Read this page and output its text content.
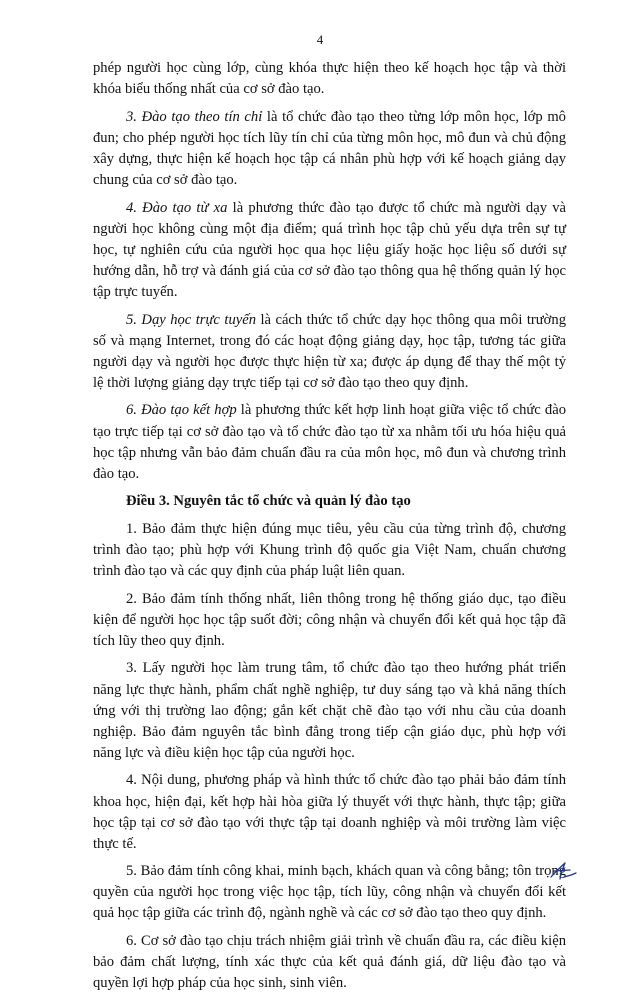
4

phép người học cùng lớp, cùng khóa thực hiện theo kế hoạch học tập và thời khóa biểu thống nhất của cơ sở đào tạo.

3. Đào tạo theo tín chỉ là tổ chức đào tạo theo từng lớp môn học, lớp mô đun; cho phép người học tích lũy tín chỉ của từng môn học, mô đun và chủ động xây dựng, thực hiện kế hoạch học tập cá nhân phù hợp với kế hoạch giảng dạy chung của cơ sở đào tạo.

4. Đào tạo từ xa là phương thức đào tạo được tổ chức mà người dạy và người học không cùng một địa điểm; quá trình học tập chủ yếu dựa trên sự tự học, tự nghiên cứu của người học qua học liệu giấy hoặc học liệu số dưới sự hướng dẫn, hỗ trợ và đánh giá của cơ sở đào tạo thông qua hệ thống quản lý học tập trực tuyến.

5. Dạy học trực tuyến là cách thức tổ chức dạy học thông qua môi trường số và mạng Internet, trong đó các hoạt động giảng dạy, học tập, tương tác giữa người dạy và người học được thực hiện từ xa; được áp dụng để thay thế một tỷ lệ thời lượng giảng dạy trực tiếp tại cơ sở đào tạo theo quy định.

6. Đào tạo kết hợp là phương thức kết hợp linh hoạt giữa việc tổ chức đào tạo trực tiếp tại cơ sở đào tạo và tổ chức đào tạo từ xa nhằm tối ưu hóa hiệu quả học tập nhưng vẫn bảo đảm chuẩn đầu ra của môn học, mô đun và chương trình đào tạo.

Điều 3. Nguyên tắc tổ chức và quản lý đào tạo

1. Bảo đảm thực hiện đúng mục tiêu, yêu cầu của từng trình độ, chương trình đào tạo; phù hợp với Khung trình độ quốc gia Việt Nam, chuẩn chương trình đào tạo và các quy định của pháp luật liên quan.

2. Bảo đảm tính thống nhất, liên thông trong hệ thống giáo dục, tạo điều kiện để người học học tập suốt đời; công nhận và chuyển đổi kết quả học tập đã tích lũy theo quy định.

3. Lấy người học làm trung tâm, tổ chức đào tạo theo hướng phát triển năng lực thực hành, phẩm chất nghề nghiệp, tư duy sáng tạo và khả năng thích ứng với thị trường lao động; gắn kết chặt chẽ đào tạo với nhu cầu của doanh nghiệp. Bảo đảm nguyên tắc bình đẳng trong tiếp cận giáo dục, phù hợp với năng lực và điều kiện học tập của người học.

4. Nội dung, phương pháp và hình thức tổ chức đào tạo phải bảo đảm tính khoa học, hiện đại, kết hợp hài hòa giữa lý thuyết với thực hành, thực tập; giữa học tập tại cơ sở đào tạo với thực tập tại doanh nghiệp và môi trường làm việc thực tế.

5. Bảo đảm tính công khai, minh bạch, khách quan và công bằng; tôn trọng quyền của người học trong việc học tập, tích lũy, công nhận và chuyển đổi kết quả học tập giữa các trình độ, ngành nghề và các cơ sở đào tạo theo quy định.

6. Cơ sở đào tạo chịu trách nhiệm giải trình về chuẩn đầu ra, các điều kiện bảo đảm chất lượng, tính xác thực của kết quả đánh giá, dữ liệu đào tạo và quyền lợi hợp pháp của học sinh, sinh viên.
